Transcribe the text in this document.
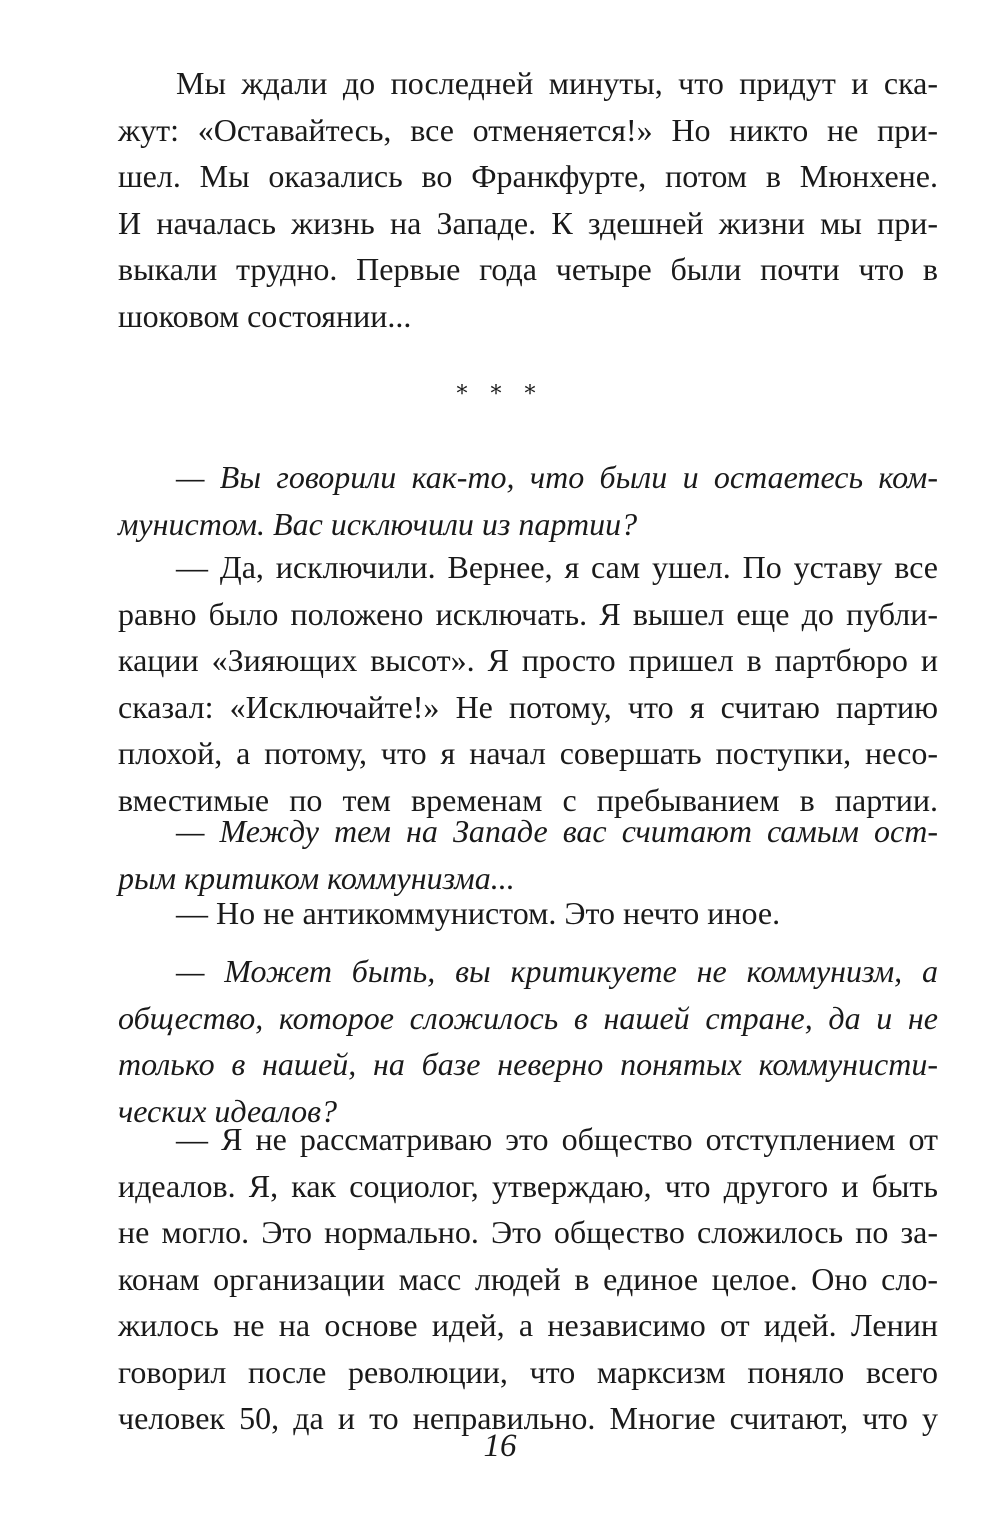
Мы ждали до последней минуты, что придут и ска-
жут: «Оставайтесь, все отменяется!» Но никто не при-
шел. Мы оказались во Франкфурте, потом в Мюнхене.
И началась жизнь на Западе. К здешней жизни мы при-
выкали трудно. Первые года четыре были почти что в
шоковом состоянии...
* * *
— Вы говорили как-то, что были и остаетесь ком-
мунистом. Вас исключили из партии?
— Да, исключили. Вернее, я сам ушел. По уставу все
равно было положено исключать. Я вышел еще до публи-
кации «Зияющих высот». Я просто пришел в партбюро и
сказал: «Исключайте!» Не потому, что я считаю партию
плохой, а потому, что я начал совершать поступки, несо-
вместимые по тем временам с пребыванием в партии.
— Между тем на Западе вас считают самым ост-
рым критиком коммунизма...
— Но не антикоммунистом. Это нечто иное.
— Может быть, вы критикуете не коммунизм, а
общество, которое сложилось в нашей стране, да и не
только в нашей, на базе неверно понятых коммунисти-
ческих идеалов?
— Я не рассматриваю это общество отступлением от
идеалов. Я, как социолог, утверждаю, что другого и быть
не могло. Это нормально. Это общество сложилось по за-
конам организации масс людей в единое целое. Оно сло-
жилось не на основе идей, а независимо от идей. Ленин
говорил после революции, что марксизм поняло всего
человек 50, да и то неправильно. Многие считают, что у
16
